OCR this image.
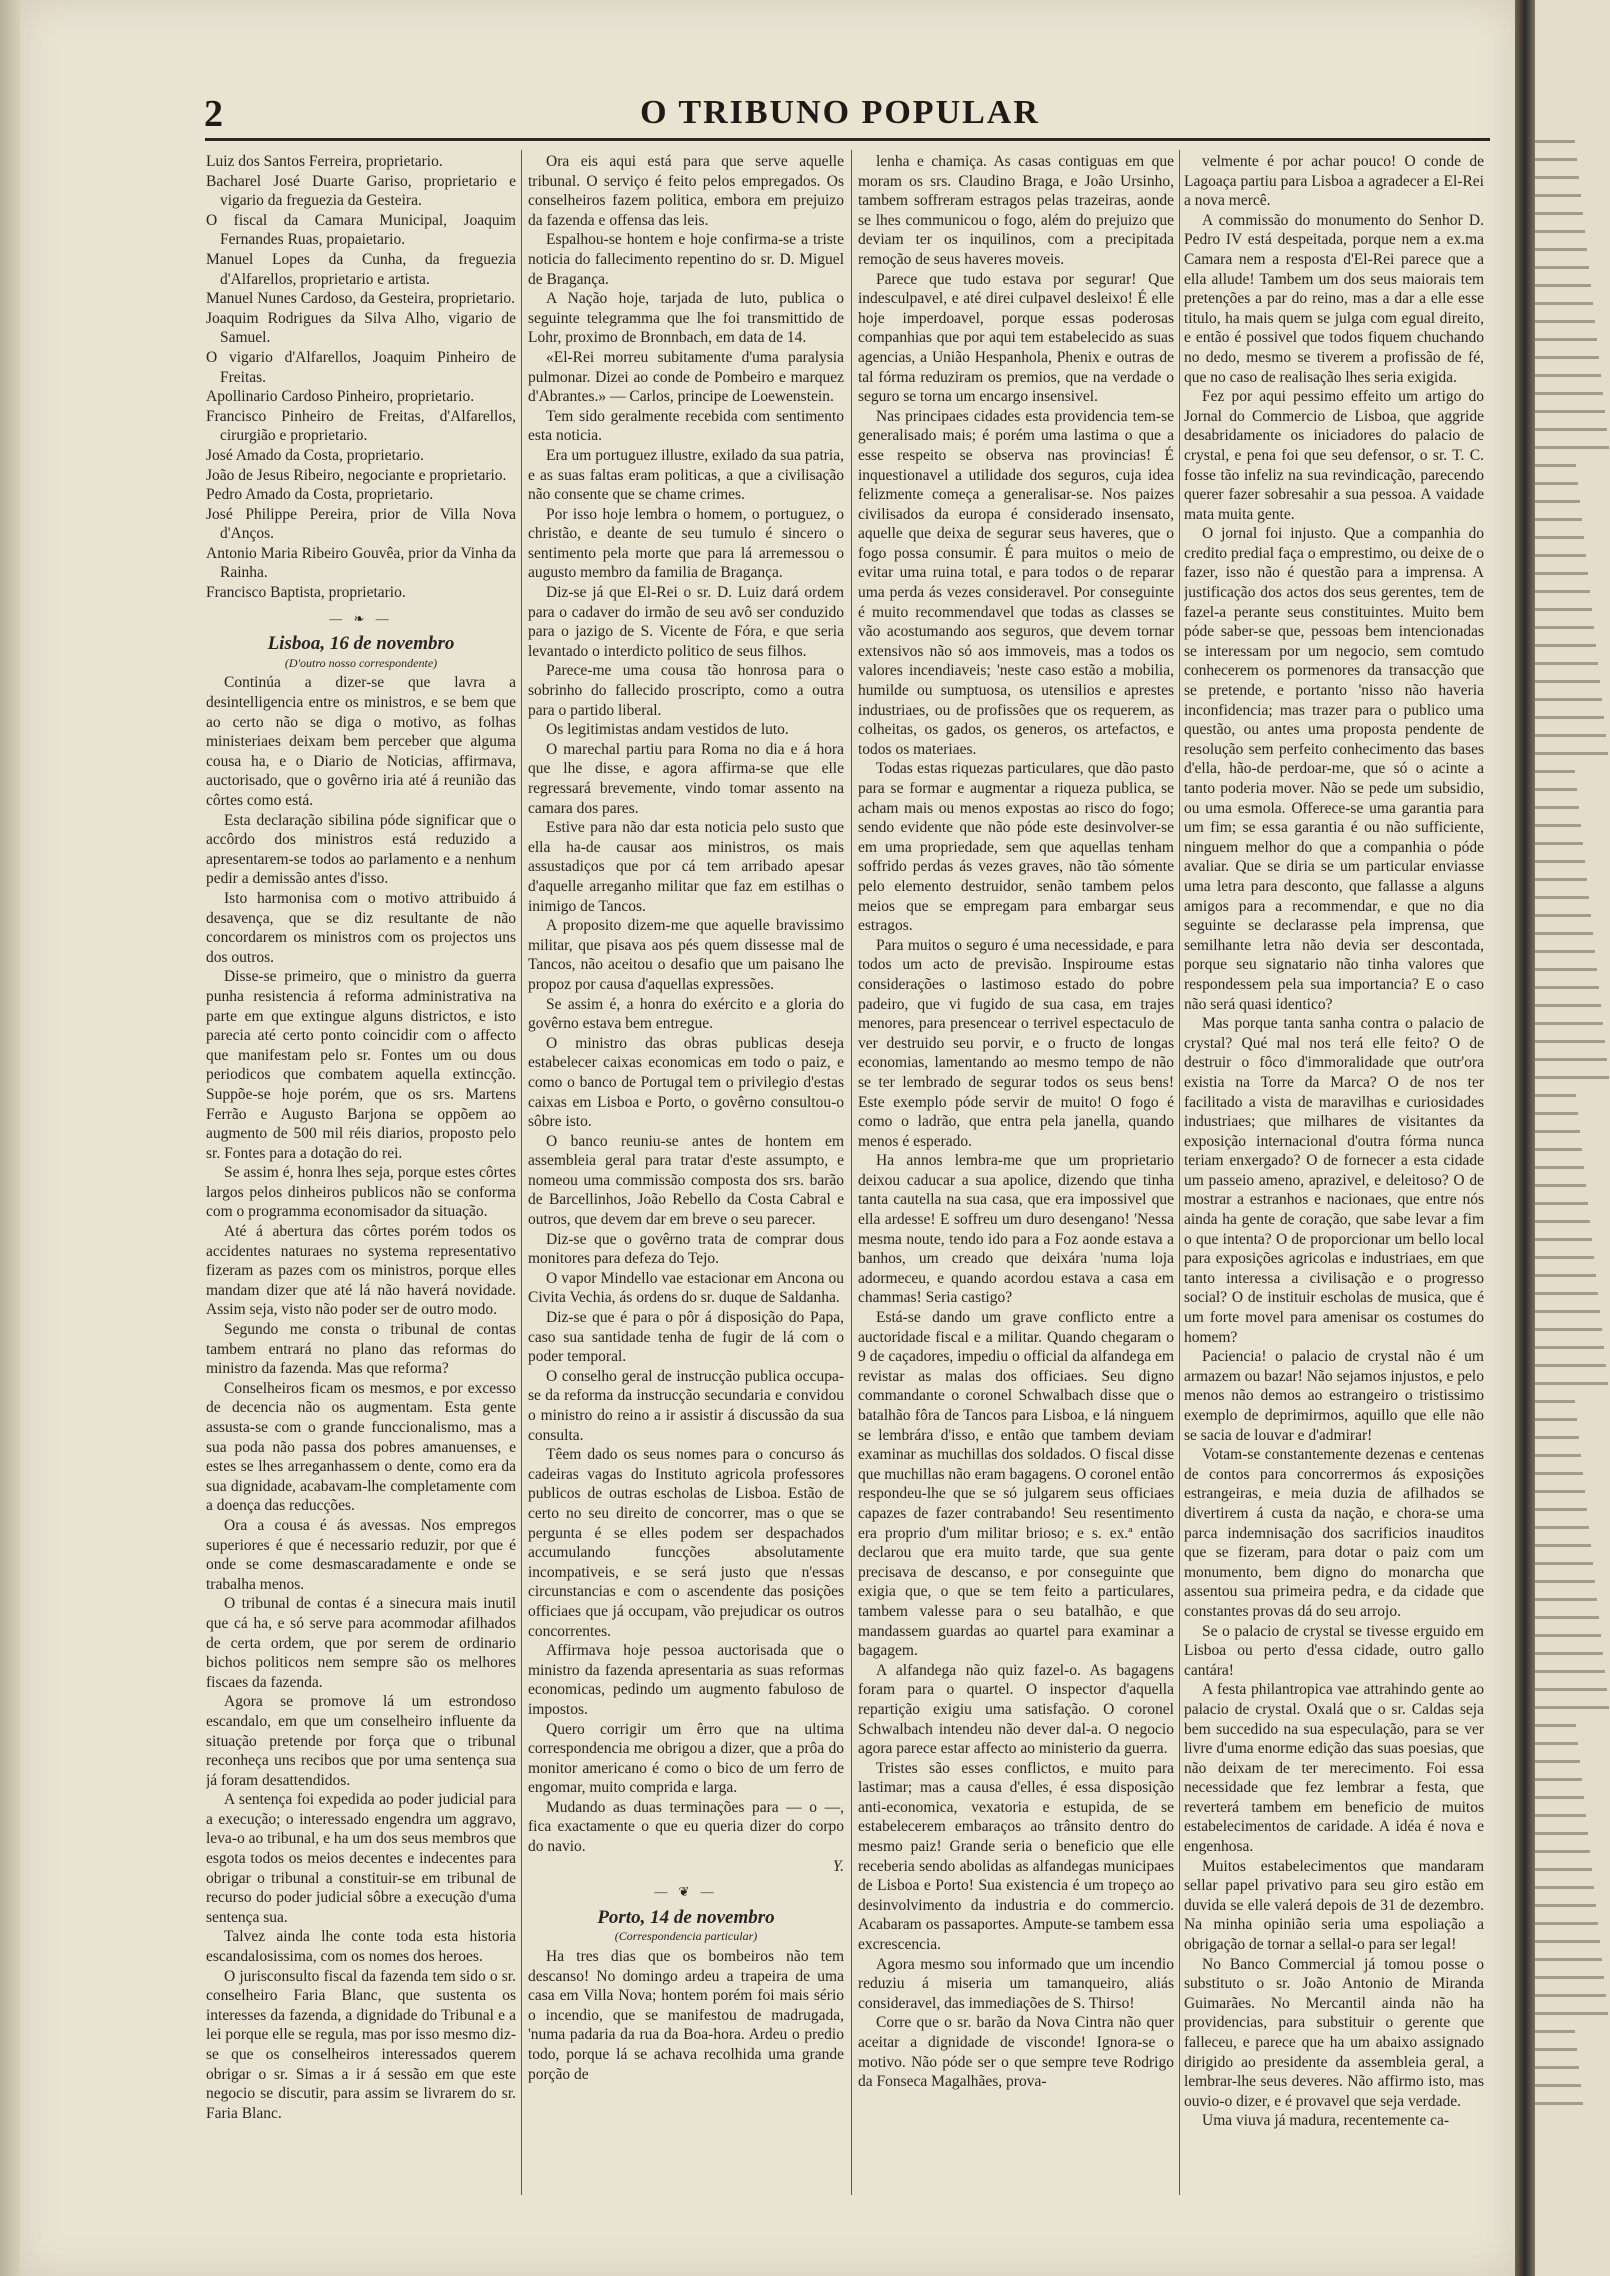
2	O TRIBUNO POPULAR

Luiz dos Santos Ferreira, proprietario.

Bacharel José Duarte Gariso, proprietario e vigario da freguezia da Gesteira.

O fiscal da Camara Municipal, Joaquim Fernandes Ruas, propaietario.

Manuel Lopes da Cunha, da freguezia d'Alfarellos, proprietario e artista.

Manuel Nunes Cardoso, da Gesteira, proprietario.

Joaquim Rodrigues da Silva Alho, vigario de Samuel.

O vigario d'Alfarellos, Joaquim Pinheiro de Freitas.

Apollinario Cardoso Pinheiro, proprietario.

Francisco Pinheiro de Freitas, d'Alfarellos, cirurgião e proprietario.

José Amado da Costa, proprietario.

João de Jesus Ribeiro, negociante e proprietario.

Pedro Amado da Costa, proprietario.

José Philippe Pereira, prior de Villa Nova d'Anços.

Antonio Maria Ribeiro Gouvêa, prior da Vinha da Rainha.

Francisco Baptista, proprietario.

— ❧ —

Lisboa, 16 de novembro

(D'outro nosso correspondente)

Continúa a dizer-se que lavra a desintelligencia entre os ministros, e se bem que ao certo não se diga o motivo, as folhas ministeriaes deixam bem perceber que alguma cousa ha, e o Diario de Noticias, affirmava, auctorisado, que o govêrno iria até á reunião das côrtes como está.

Esta declaração sibilina póde significar que o accôrdo dos ministros está reduzido a apresentarem-se todos ao parlamento e a nenhum pedir a demissão antes d'isso.

Isto harmonisa com o motivo attribuido á desavença, que se diz resultante de não concordarem os ministros com os projectos uns dos outros.

Disse-se primeiro, que o ministro da guerra punha resistencia á reforma administrativa na parte em que extingue alguns districtos, e isto parecia até certo ponto coincidir com o affecto que manifestam pelo sr. Fontes um ou dous periodicos que combatem aquella extincção. Suppõe-se hoje porém, que os srs. Martens Ferrão e Augusto Barjona se oppõem ao augmento de 500 mil réis diarios, proposto pelo sr. Fontes para a dotação do rei.

Se assim é, honra lhes seja, porque estes côrtes largos pelos dinheiros publicos não se conforma com o programma economisador da situação.

Até á abertura das côrtes porém todos os accidentes naturaes no systema representativo fizeram as pazes com os ministros, porque elles mandam dizer que até lá não haverá novidade. Assim seja, visto não poder ser de outro modo.

Segundo me consta o tribunal de contas tambem entrará no plano das reformas do ministro da fazenda. Mas que reforma?

Conselheiros ficam os mesmos, e por excesso de decencia não os augmentam. Esta gente assusta-se com o grande funccionalismo, mas a sua poda não passa dos pobres amanuenses, e estes se lhes arreganhassem o dente, como era da sua dignidade, acabavam-lhe completamente com a doença das reducções.

Ora a cousa é ás avessas. Nos empregos superiores é que é necessario reduzir, por que é onde se come desmascaradamente e onde se trabalha menos.

O tribunal de contas é a sinecura mais inutil que cá ha, e só serve para acommodar afilhados de certa ordem, que por serem de ordinario bichos politicos nem sempre são os melhores fiscaes da fazenda.

Agora se promove lá um estrondoso escandalo, em que um conselheiro influente da situação pretende por força que o tribunal reconheça uns recibos que por uma sentença sua já foram desattendidos.

A sentença foi expedida ao poder judicial para a execução; o interessado engendra um aggravo, leva-o ao tribunal, e ha um dos seus membros que esgota todos os meios decentes e indecentes para obrigar o tribunal a constituir-se em tribunal de recurso do poder judicial sôbre a execução d'uma sentença sua.

Talvez ainda lhe conte toda esta historia escandalosissima, com os nomes dos heroes.

O jurisconsulto fiscal da fazenda tem sido o sr. conselheiro Faria Blanc, que sustenta os interesses da fazenda, a dignidade do Tribunal e a lei porque elle se regula, mas por isso mesmo diz-se que os conselheiros interessados querem obrigar o sr. Simas a ir á sessão em que este negocio se discutir, para assim se livrarem do sr. Faria Blanc.

Ora eis aqui está para que serve aquelle tribunal. O serviço é feito pelos empregados. Os conselheiros fazem politica, embora em prejuizo da fazenda e offensa das leis.

Espalhou-se hontem e hoje confirma-se a triste noticia do fallecimento repentino do sr. D. Miguel de Bragança.

A Nação hoje, tarjada de luto, publica o seguinte telegramma que lhe foi transmittido de Lohr, proximo de Bronnbach, em data de 14.

«El-Rei morreu subitamente d'uma paralysia pulmonar. Dizei ao conde de Pombeiro e marquez d'Abrantes.» — Carlos, principe de Loewenstein.

Tem sido geralmente recebida com sentimento esta noticia.

Era um portuguez illustre, exilado da sua patria, e as suas faltas eram politicas, a que a civilisação não consente que se chame crimes.

Por isso hoje lembra o homem, o portuguez, o christão, e deante de seu tumulo é sincero o sentimento pela morte que para lá arremessou o augusto membro da familia de Bragança.

Diz-se já que El-Rei o sr. D. Luiz dará ordem para o cadaver do irmão de seu avô ser conduzido para o jazigo de S. Vicente de Fóra, e que seria levantado o interdicto politico de seus filhos.

Parece-me uma cousa tão honrosa para o sobrinho do fallecido proscripto, como a outra para o partido liberal.

Os legitimistas andam vestidos de luto.

O marechal partiu para Roma no dia e á hora que lhe disse, e agora affirma-se que elle regressará brevemente, vindo tomar assento na camara dos pares.

Estive para não dar esta noticia pelo susto que ella ha-de causar aos ministros, os mais assustadiços que por cá tem arribado apesar d'aquelle arreganho militar que faz em estilhas o inimigo de Tancos.

A proposito dizem-me que aquelle bravissimo militar, que pisava aos pés quem dissesse mal de Tancos, não aceitou o desafio que um paisano lhe propoz por causa d'aquellas expressões.

Se assim é, a honra do exército e a gloria do govêrno estava bem entregue.

O ministro das obras publicas deseja estabelecer caixas economicas em todo o paiz, e como o banco de Portugal tem o privilegio d'estas caixas em Lisboa e Porto, o govêrno consultou-o sôbre isto.

O banco reuniu-se antes de hontem em assembleia geral para tratar d'este assumpto, e nomeou uma commissão composta dos srs. barão de Barcellinhos, João Rebello da Costa Cabral e outros, que devem dar em breve o seu parecer.

Diz-se que o govêrno trata de comprar dous monitores para defeza do Tejo.

O vapor Mindello vae estacionar em Ancona ou Civita Vechia, ás ordens do sr. duque de Saldanha.

Diz-se que é para o pôr á disposição do Papa, caso sua santidade tenha de fugir de lá com o poder temporal.

O conselho geral de instrucção publica occupa-se da reforma da instrucção secundaria e convidou o ministro do reino a ir assistir á discussão da sua consulta.

Têem dado os seus nomes para o concurso ás cadeiras vagas do Instituto agricola professores publicos de outras escholas de Lisboa. Estão de certo no seu direito de concorrer, mas o que se pergunta é se elles podem ser despachados accumulando funcções absolutamente incompativeis, e se será justo que n'essas circunstancias e com o ascendente das posições officiaes que já occupam, vão prejudicar os outros concorrentes.

Affirmava hoje pessoa auctorisada que o ministro da fazenda apresentaria as suas reformas economicas, pedindo um augmento fabuloso de impostos.

Quero corrigir um êrro que na ultima correspondencia me obrigou a dizer, que a prôa do monitor americano é como o bico de um ferro de engomar, muito comprida e larga.

Mudando as duas terminações para — o —, fica exactamente o que eu queria dizer do corpo do navio.

Y.

— ❦ —

Porto, 14 de novembro

(Correspondencia particular)

Ha tres dias que os bombeiros não tem descanso! No domingo ardeu a trapeira de uma casa em Villa Nova; hontem porém foi mais sério o incendio, que se manifestou de madrugada, 'numa padaria da rua da Boa-hora. Ardeu o predio todo, porque lá se achava recolhida uma grande porção de

lenha e chamiça. As casas contiguas em que moram os srs. Claudino Braga, e João Ursinho, tambem soffreram estragos pelas trazeiras, aonde se lhes communicou o fogo, além do prejuizo que deviam ter os inquilinos, com a precipitada remoção de seus haveres moveis.

Parece que tudo estava por segurar! Que indesculpavel, e até direi culpavel desleixo! É elle hoje imperdoavel, porque essas poderosas companhias que por aqui tem estabelecido as suas agencias, a União Hespanhola, Phenix e outras de tal fórma reduziram os premios, que na verdade o seguro se torna um encargo insensivel.

Nas principaes cidades esta providencia tem-se generalisado mais; é porém uma lastima o que a esse respeito se observa nas provincias! É inquestionavel a utilidade dos seguros, cuja idea felizmente começa a generalisar-se. Nos paizes civilisados da europa é considerado insensato, aquelle que deixa de segurar seus haveres, que o fogo possa consumir. É para muitos o meio de evitar uma ruina total, e para todos o de reparar uma perda ás vezes consideravel. Por conseguinte é muito recommendavel que todas as classes se vão acostumando aos seguros, que devem tornar extensivos não só aos immoveis, mas a todos os valores incendiaveis; 'neste caso estão a mobilia, humilde ou sumptuosa, os utensilios e aprestes industriaes, ou de profissões que os requerem, as colheitas, os gados, os generos, os artefactos, e todos os materiaes.

Todas estas riquezas particulares, que dão pasto para se formar e augmentar a riqueza publica, se acham mais ou menos expostas ao risco do fogo; sendo evidente que não póde este desinvolver-se em uma propriedade, sem que aquellas tenham soffrido perdas ás vezes graves, não tão sómente pelo elemento destruidor, senão tambem pelos meios que se empregam para embargar seus estragos.

Para muitos o seguro é uma necessidade, e para todos um acto de previsão. Inspiroume estas considerações o lastimoso estado do pobre padeiro, que vi fugido de sua casa, em trajes menores, para presencear o terrivel espectaculo de ver destruido seu porvir, e o fructo de longas economias, lamentando ao mesmo tempo de não se ter lembrado de segurar todos os seus bens! Este exemplo póde servir de muito! O fogo é como o ladrão, que entra pela janella, quando menos é esperado.

Ha annos lembra-me que um proprietario deixou caducar a sua apolice, dizendo que tinha tanta cautella na sua casa, que era impossivel que ella ardesse! E soffreu um duro desengano! 'Nessa mesma noute, tendo ido para a Foz aonde estava a banhos, um creado que deixára 'numa loja adormeceu, e quando acordou estava a casa em chammas! Seria castigo?

Está-se dando um grave conflicto entre a auctoridade fiscal e a militar. Quando chegaram o 9 de caçadores, impediu o official da alfandega em revistar as malas dos officiaes. Seu digno commandante o coronel Schwalbach disse que o batalhão fôra de Tancos para Lisboa, e lá ninguem se lembrára d'isso, e então que tambem deviam examinar as muchillas dos soldados. O fiscal disse que muchillas não eram bagagens. O coronel então respondeu-lhe que se só julgarem seus officiaes capazes de fazer contrabando! Seu resentimento era proprio d'um militar brioso; e s. ex.ª então declarou que era muito tarde, que sua gente precisava de descanso, e por conseguinte que exigia que, o que se tem feito a particulares, tambem valesse para o seu batalhão, e que mandassem guardas ao quartel para examinar a bagagem.

A alfandega não quiz fazel-o. As bagagens foram para o quartel. O inspector d'aquella repartição exigiu uma satisfação. O coronel Schwalbach intendeu não dever dal-a. O negocio agora parece estar affecto ao ministerio da guerra.

Tristes são esses conflictos, e muito para lastimar; mas a causa d'elles, é essa disposição anti-economica, vexatoria e estupida, de se estabelecerem embaraços ao trânsito dentro do mesmo paiz! Grande seria o beneficio que elle receberia sendo abolidas as alfandegas municipaes de Lisboa e Porto! Sua existencia é um tropeço ao desinvolvimento da industria e do commercio. Acabaram os passaportes. Ampute-se tambem essa excrescencia.

Agora mesmo sou informado que um incendio reduziu á miseria um tamanqueiro, aliás consideravel, das immediações de S. Thirso!

Corre que o sr. barão da Nova Cintra não quer aceitar a dignidade de visconde! Ignora-se o motivo. Não póde ser o que sempre teve Rodrigo da Fonseca Magalhães, prova-

velmente é por achar pouco! O conde de Lagoaça partiu para Lisboa a agradecer a El-Rei a nova mercê.

A commissão do monumento do Senhor D. Pedro IV está despeitada, porque nem a ex.ma Camara nem a resposta d'El-Rei parece que a ella allude! Tambem um dos seus maiorais tem pretenções a par do reino, mas a dar a elle esse titulo, ha mais quem se julga com egual direito, e então é possivel que todos fiquem chuchando no dedo, mesmo se tiverem a profissão de fé, que no caso de realisação lhes seria exigida.

Fez por aqui pessimo effeito um artigo do Jornal do Commercio de Lisboa, que aggride desabridamente os iniciadores do palacio de crystal, e pena foi que seu defensor, o sr. T. C. fosse tão infeliz na sua revindicação, parecendo querer fazer sobresahir a sua pessoa. A vaidade mata muita gente.

O jornal foi injusto. Que a companhia do credito predial faça o emprestimo, ou deixe de o fazer, isso não é questão para a imprensa. A justificação dos actos dos seus gerentes, tem de fazel-a perante seus constituintes. Muito bem póde saber-se que, pessoas bem intencionadas se interessam por um negocio, sem comtudo conhecerem os pormenores da transacção que se pretende, e portanto 'nisso não haveria inconfidencia; mas trazer para o publico uma questão, ou antes uma proposta pendente de resolução sem perfeito conhecimento das bases d'ella, hão-de perdoar-me, que só o acinte a tanto poderia mover. Não se pede um subsidio, ou uma esmola. Offerece-se uma garantia para um fim; se essa garantia é ou não sufficiente, ninguem melhor do que a companhia o póde avaliar. Que se diria se um particular enviasse uma letra para desconto, que fallasse a alguns amigos para a recommendar, e que no dia seguinte se declarasse pela imprensa, que semilhante letra não devia ser descontada, porque seu signatario não tinha valores que respondessem pela sua importancia? E o caso não será quasi identico?

Mas porque tanta sanha contra o palacio de crystal? Qué mal nos terá elle feito? O de destruir o fôco d'immoralidade que outr'ora existia na Torre da Marca? O de nos ter facilitado a vista de maravilhas e curiosidades industriaes; que milhares de visitantes da exposição internacional d'outra fórma nunca teriam enxergado? O de fornecer a esta cidade um passeio ameno, aprazivel, e deleitoso? O de mostrar a estranhos e nacionaes, que entre nós ainda ha gente de coração, que sabe levar a fim o que intenta? O de proporcionar um bello local para exposições agricolas e industriaes, em que tanto interessa a civilisação e o progresso social? O de instituir escholas de musica, que é um forte movel para amenisar os costumes do homem?

Paciencia! o palacio de crystal não é um armazem ou bazar! Não sejamos injustos, e pelo menos não demos ao estrangeiro o tristissimo exemplo de deprimirmos, aquillo que elle não se sacia de louvar e d'admirar!

Votam-se constantemente dezenas e centenas de contos para concorrermos ás exposições estrangeiras, e meia duzia de afilhados se divertirem á custa da nação, e chora-se uma parca indemnisação dos sacrificios inauditos que se fizeram, para dotar o paiz com um monumento, bem digno do monarcha que assentou sua primeira pedra, e da cidade que constantes provas dá do seu arrojo.

Se o palacio de crystal se tivesse erguido em Lisboa ou perto d'essa cidade, outro gallo cantára!

A festa philantropica vae attrahindo gente ao palacio de crystal. Oxalá que o sr. Caldas seja bem succedido na sua especulação, para se ver livre d'uma enorme edição das suas poesias, que não deixam de ter merecimento. Foi essa necessidade que fez lembrar a festa, que reverterá tambem em beneficio de muitos estabelecimentos de caridade. A idéa é nova e engenhosa.

Muitos estabelecimentos que mandaram sellar papel privativo para seu giro estão em duvida se elle valerá depois de 31 de dezembro. Na minha opinião seria uma espoliação a obrigação de tornar a sellal-o para ser legal!

No Banco Commercial já tomou posse o substituto o sr. João Antonio de Miranda Guimarães. No Mercantil ainda não ha providencias, para substituir o gerente que falleceu, e parece que ha um abaixo assignado dirigido ao presidente da assembleia geral, a lembrar-lhe seus deveres. Não affirmo isto, mas ouvio-o dizer, e é provavel que seja verdade.

Uma viuva já madura, recentemente ca-
